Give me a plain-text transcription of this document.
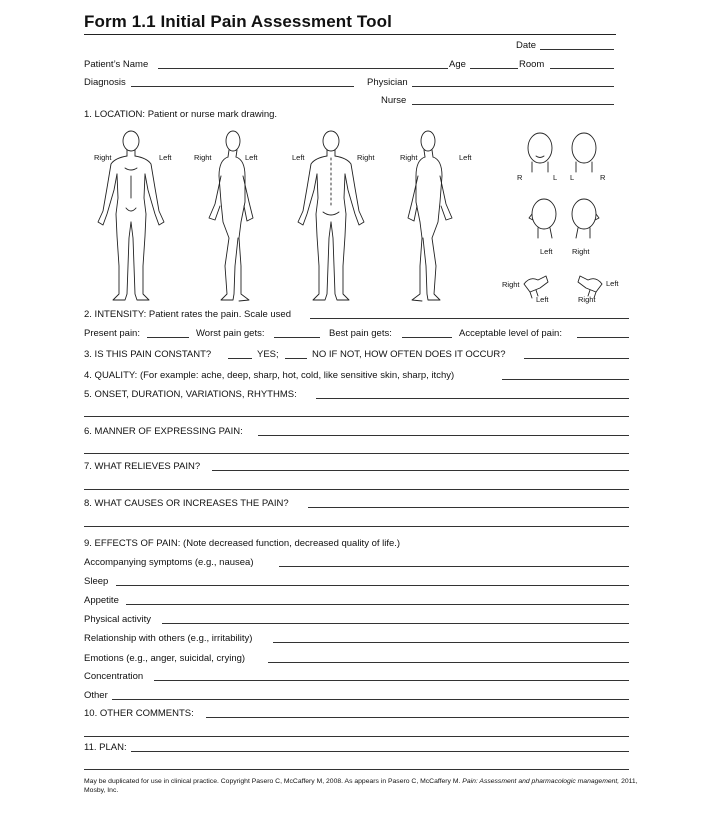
Form 1.1 Initial Pain Assessment Tool
Date
Patient’s Name	Age	Room
Diagnosis	Physician
Nurse
1. LOCATION: Patient or nurse mark drawing.
Right	Left	Right	Left	Left	Right	Right	Left
R	L L	R
Left	Right
Right	Left
Left	Right
2. INTENSITY: Patient rates the pain. Scale used
Present pain:	Worst pain gets:	Best pain gets:	Acceptable level of pain:
3. IS THIS PAIN CONSTANT?	YES;	NO IF NOT, HOW OFTEN DOES IT OCCUR?
4. QUALITY: (For example: ache, deep, sharp, hot, cold, like sensitive skin, sharp, itchy)
5. ONSET, DURATION, VARIATIONS, RHYTHMS:
6. MANNER OF EXPRESSING PAIN:
7. WHAT RELIEVES PAIN?
8. WHAT CAUSES OR INCREASES THE PAIN?
9. EFFECTS OF PAIN: (Note decreased function, decreased quality of life.)
Accompanying symptoms (e.g., nausea)
Sleep
Appetite
Physical activity
Relationship with others (e.g., irritability)
Emotions (e.g., anger, suicidal, crying)
Concentration
Other
10. OTHER COMMENTS:
11. PLAN:
May be duplicated for use in clinical practice. Copyright Pasero C, McCaffery M, 2008. As appears in Pasero C, McCaffery M. Pain: Assessment and pharmacologic management, 2011, Mosby, Inc.
